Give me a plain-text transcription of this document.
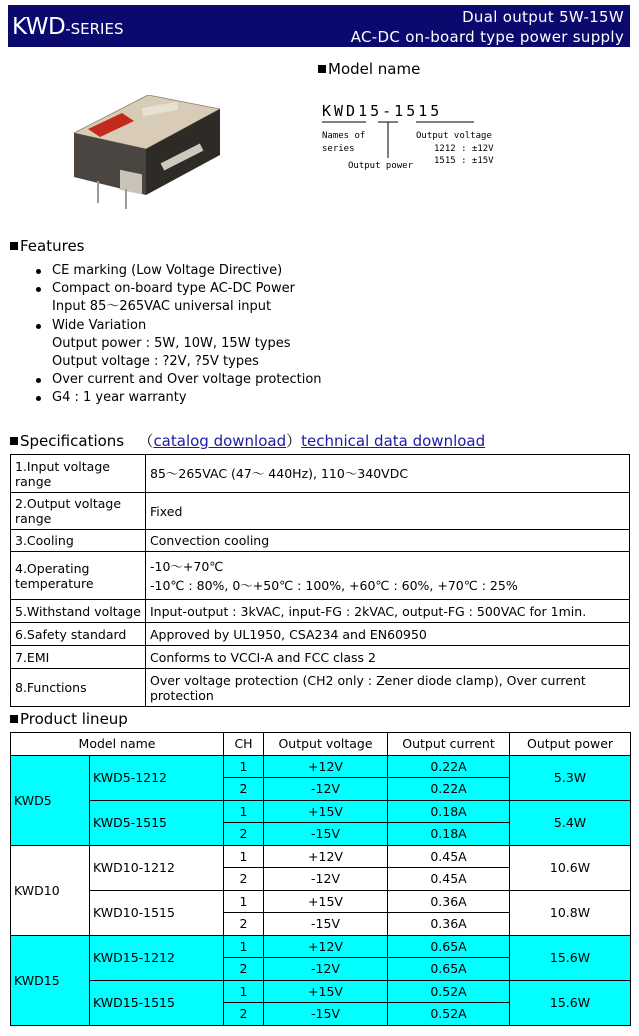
KWD-SERIES
Dual output 5W-15W
AC-DC on-board type power supply
Model name
KWD15-1515
Names of series
Output power
Output voltage
1212 : ±12V
1515 : ±15V
Features
CE marking (Low Voltage Directive)
Compact on-board type AC-DC Power
Input 85～265VAC universal input
Wide Variation
Output power : 5W, 10W, 15W types
Output voltage : ?2V, ?5V types
Over current and Over voltage protection
G4 : 1 year warranty
Specifications   （catalog download）technical data download
1.Input voltage range	85～265VAC (47～ 440Hz), 110～340VDC
2.Output voltage range	Fixed
3.Cooling	Convection cooling
4.Operating temperature	-10～+70℃
-10℃ : 80%, 0～+50℃ : 100%, +60℃ : 60%, +70℃ : 25%

5.Withstand voltage	Input-output : 3kVAC, input-FG : 2kVAC, output-FG : 500VAC for 1min.
6.Safety standard	Approved by UL1950, CSA234 and EN60950
7.EMI	Conforms to VCCI-A and FCC class 2
8.Functions	Over voltage protection (CH2 only : Zener diode clamp), Over current protection
Product lineup
Model name		CH	Output voltage	Output current	Output power
KWD5	KWD5-1212	1	+12V	0.22A	5.3W
		2	-12V	0.22A	
	KWD5-1515	1	+15V	0.18A	5.4W
		2	-15V	0.18A	
KWD10	KWD10-1212	1	+12V	0.45A	10.6W
		2	-12V	0.45A	
	KWD10-1515	1	+15V	0.36A	10.8W
		2	-15V	0.36A	
KWD15	KWD15-1212	1	+12V	0.65A	15.6W
		2	-12V	0.65A	
	KWD15-1515	1	+15V	0.52A	15.6W
		2	-15V	0.52A	
